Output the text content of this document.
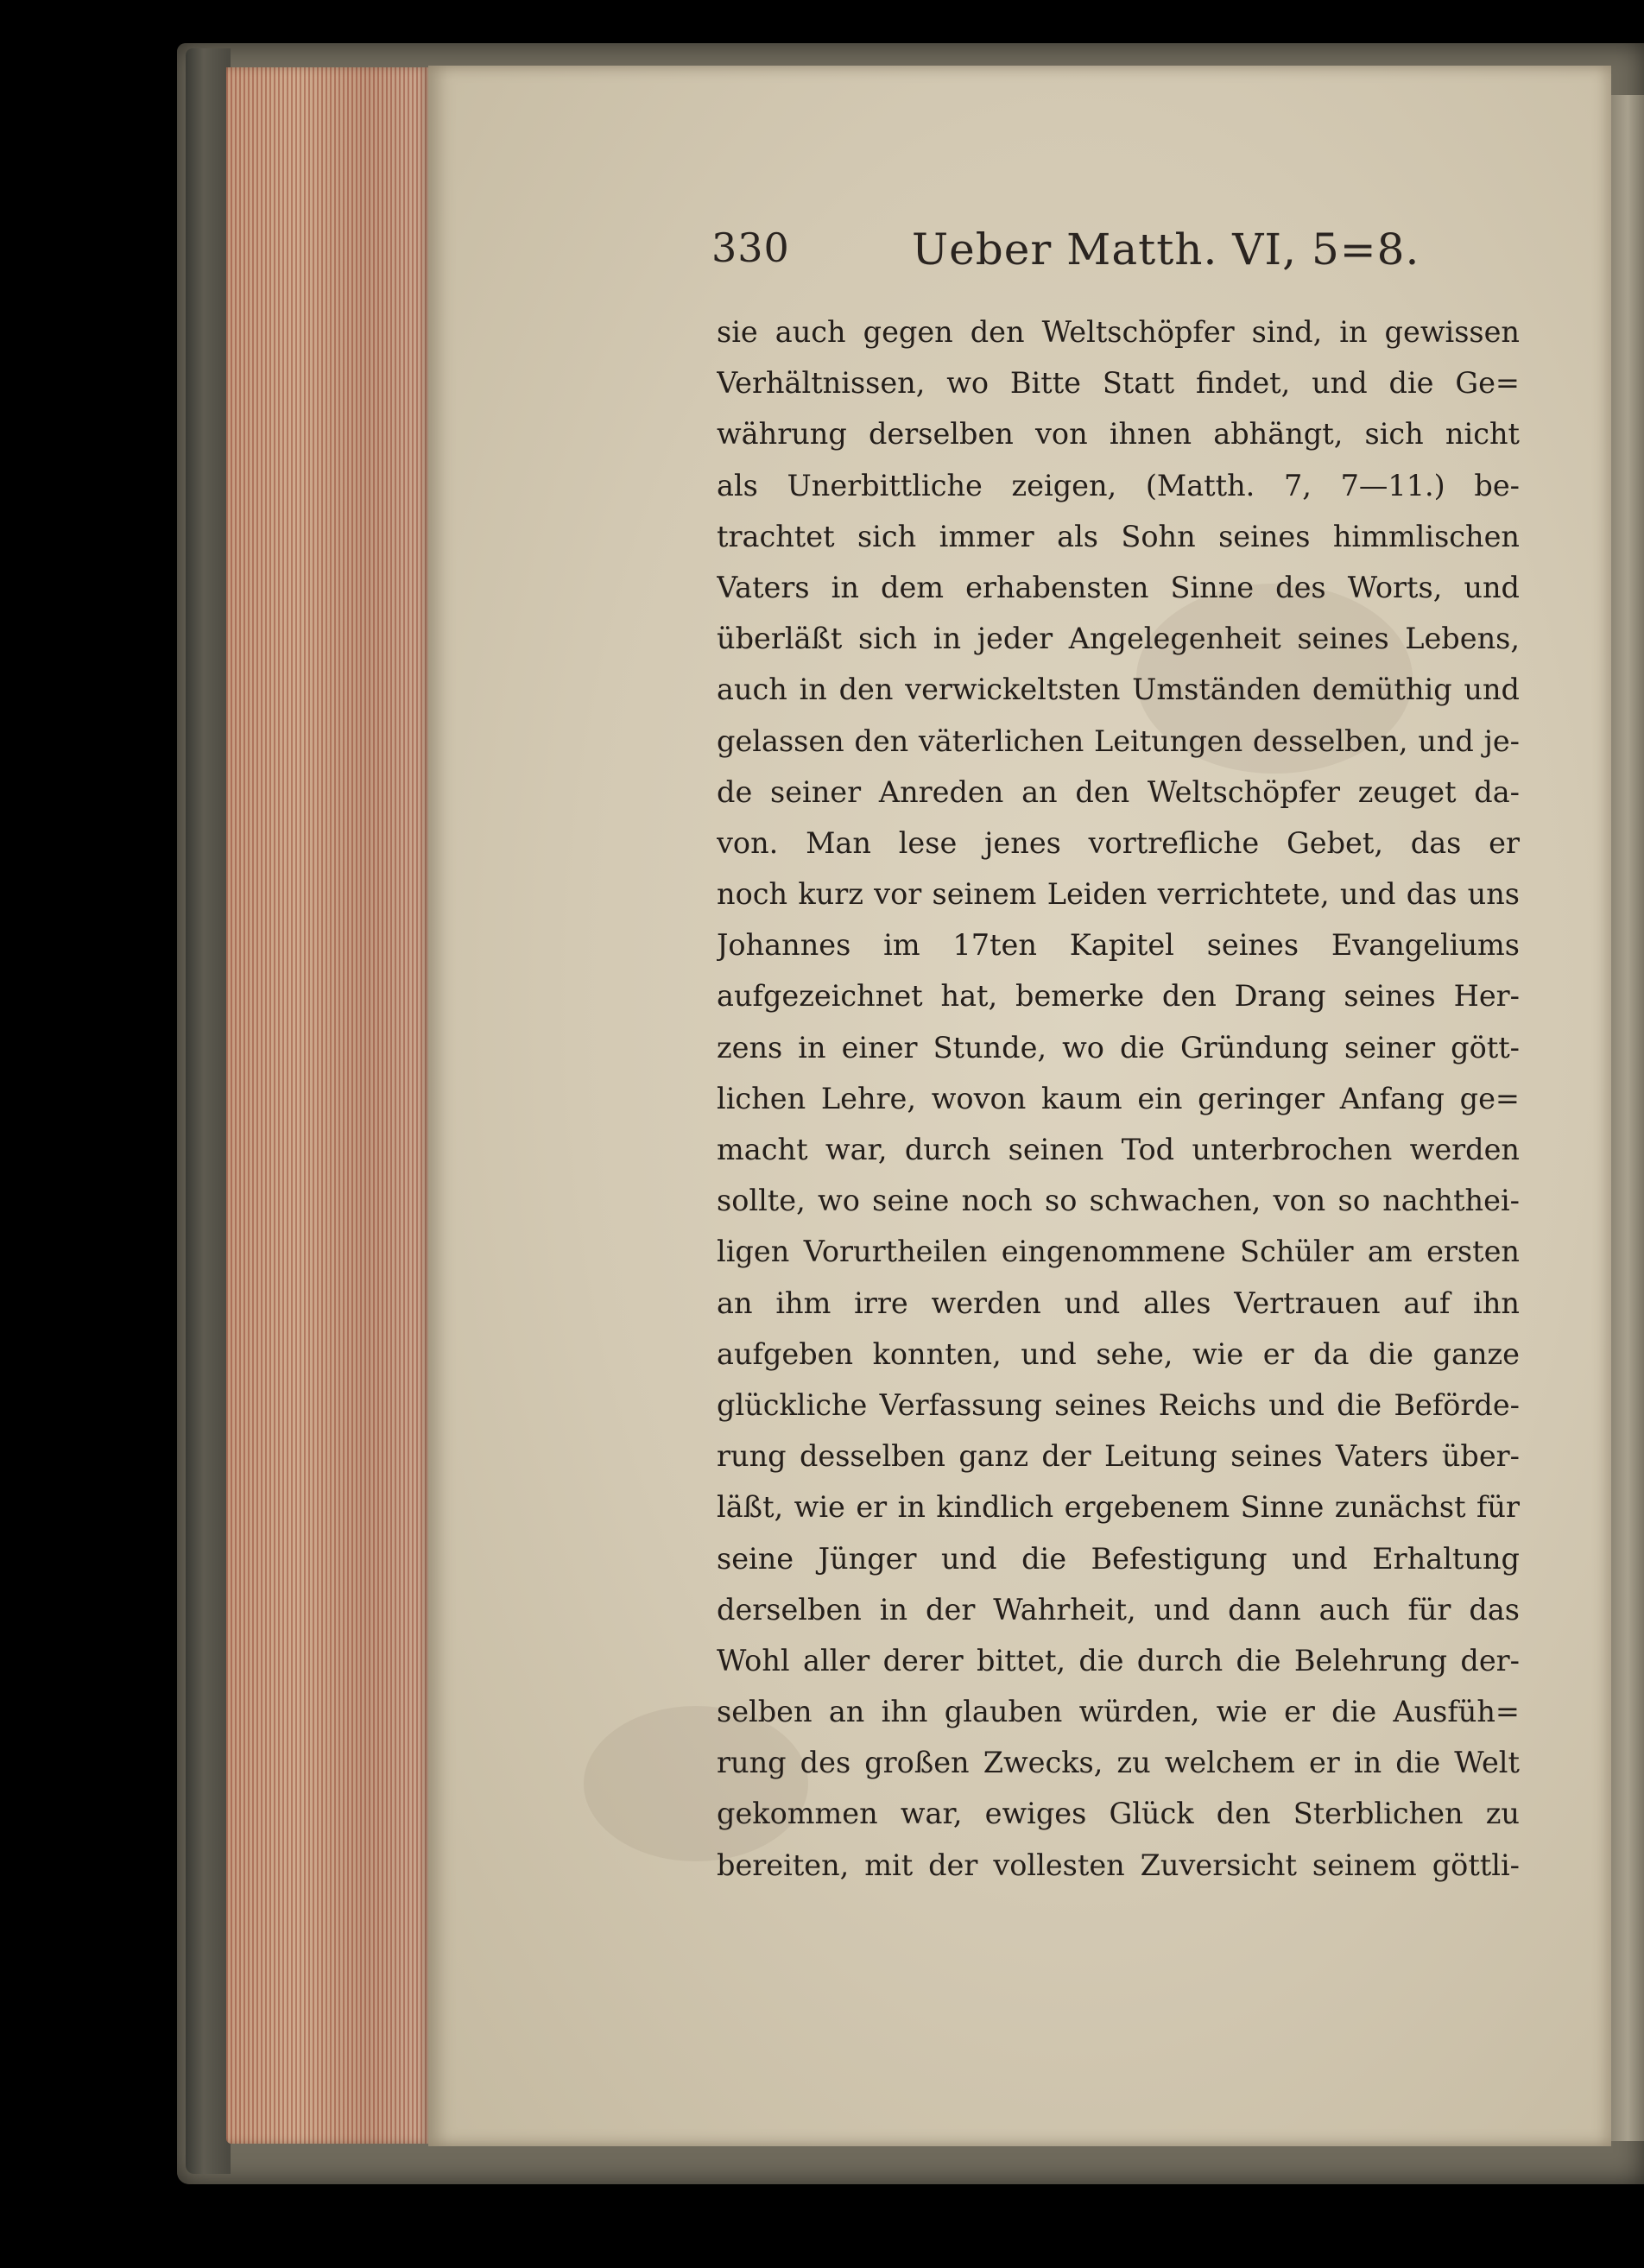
330	Ueber Matth. VI, 5=8.
sie auch gegen den Weltschöpfer sind, in gewissen
Verhältnissen, wo Bitte Statt findet, und die Ge=
währung derselben von ihnen abhängt, sich nicht
als Unerbittliche zeigen, (Matth. 7, 7—11.) be-
trachtet sich immer als Sohn seines himmlischen
Vaters in dem erhabensten Sinne des Worts, und
überläßt sich in jeder Angelegenheit seines Lebens,
auch in den verwickeltsten Umständen demüthig und
gelassen den väterlichen Leitungen desselben, und je-
de seiner Anreden an den Weltschöpfer zeuget da-
von. Man lese jenes vortrefliche Gebet, das er
noch kurz vor seinem Leiden verrichtete, und das uns
Johannes im 17ten Kapitel seines Evangeliums
aufgezeichnet hat, bemerke den Drang seines Her-
zens in einer Stunde, wo die Gründung seiner gött-
lichen Lehre, wovon kaum ein geringer Anfang ge=
macht war, durch seinen Tod unterbrochen werden
sollte, wo seine noch so schwachen, von so nachthei-
ligen Vorurtheilen eingenommene Schüler am ersten
an ihm irre werden und alles Vertrauen auf ihn
aufgeben konnten, und sehe, wie er da die ganze
glückliche Verfassung seines Reichs und die Beförde-
rung desselben ganz der Leitung seines Vaters über-
läßt, wie er in kindlich ergebenem Sinne zunächst für
seine Jünger und die Befestigung und Erhaltung
derselben in der Wahrheit, und dann auch für das
Wohl aller derer bittet, die durch die Belehrung der-
selben an ihn glauben würden, wie er die Ausfüh=
rung des großen Zwecks, zu welchem er in die Welt
gekommen war, ewiges Glück den Sterblichen zu
bereiten, mit der vollesten Zuversicht seinem göttli-
